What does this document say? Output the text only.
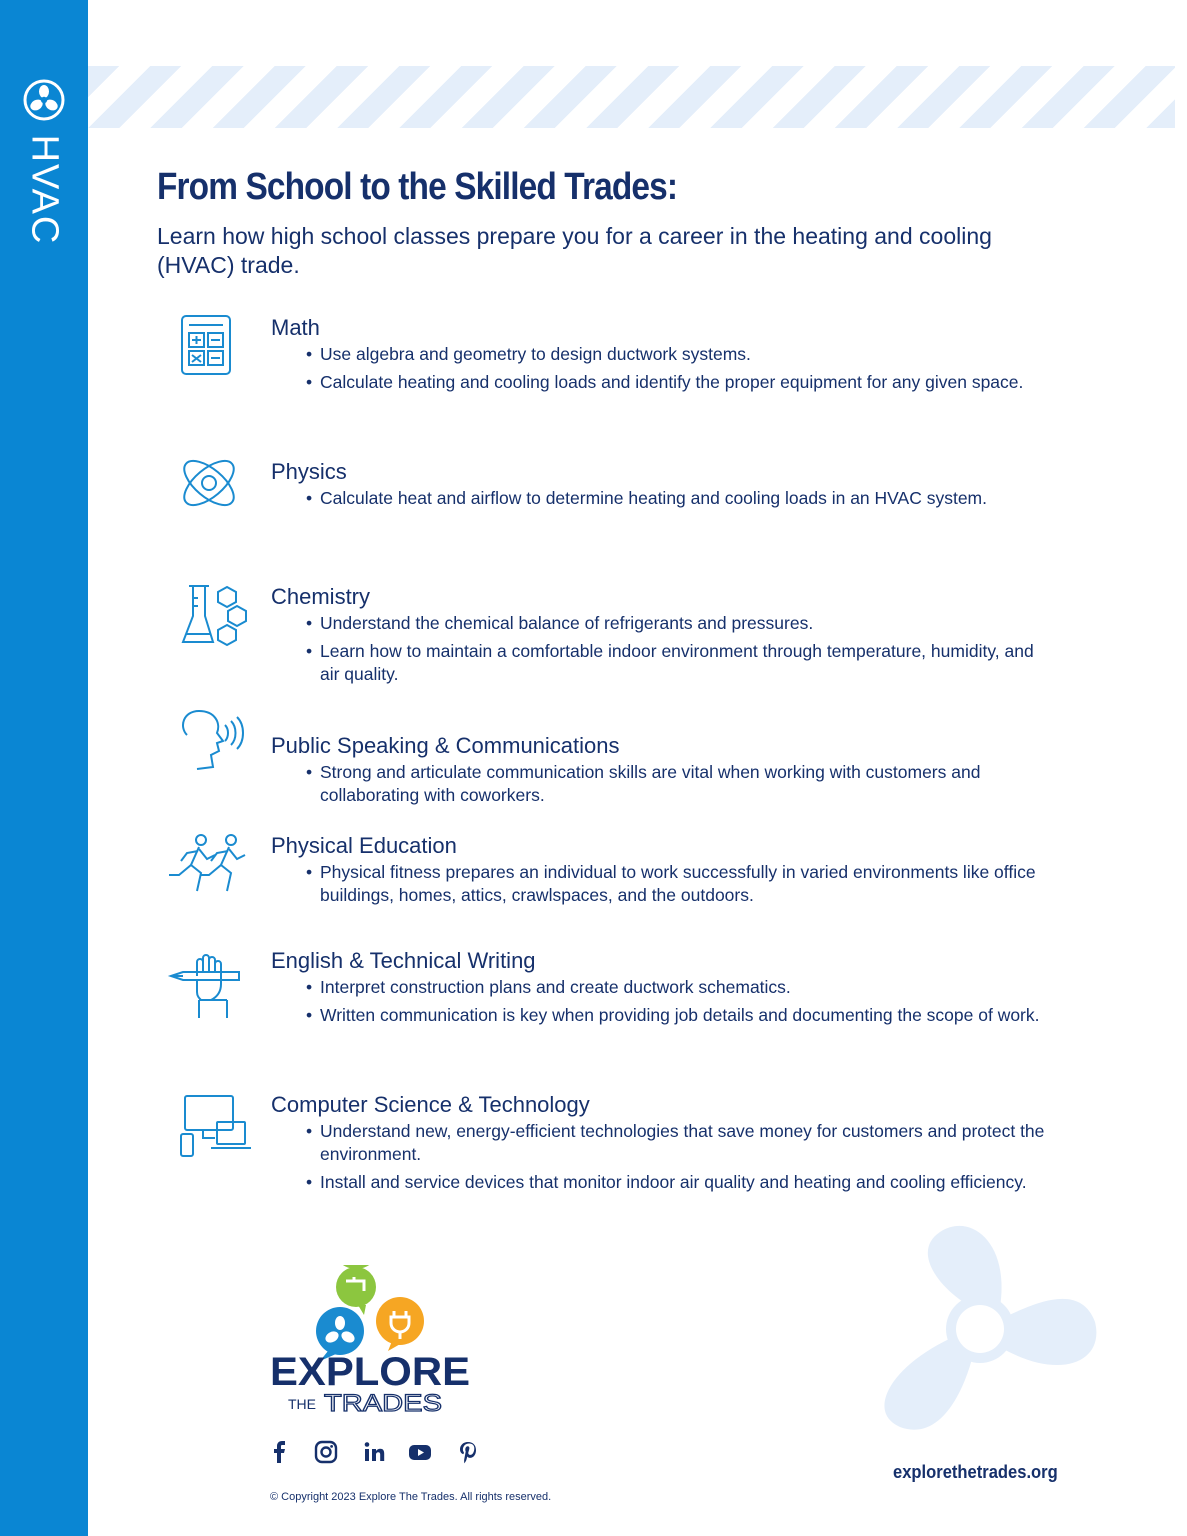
HVAC From School to the Skilled Trades:

Learn how high school classes prepare you for a career in the heating and cooling (HVAC) trade.

Math
• Use algebra and geometry to design ductwork systems.
• Calculate heating and cooling loads and identify the proper equipment for any given space.
Physics
• Calculate heat and airflow to determine heating and cooling loads in an HVAC system.
Chemistry
• Understand the chemical balance of refrigerants and pressures.
• Learn how to maintain a comfortable indoor environment through temperature, humidity, and air quality.
Public Speaking & Communications
• Strong and articulate communication skills are vital when working with customers and collaborating with coworkers.
Physical Education
• Physical fitness prepares an individual to work successfully in varied environments like office buildings, homes, attics, crawlspaces, and the outdoors.
English & Technical Writing
• Interpret construction plans and create ductwork schematics.
• Written communication is key when providing job details and documenting the scope of work.
Computer Science & Technology
• Understand new, energy-efficient technologies that save money for customers and protect the environment.
• Install and service devices that monitor indoor air quality and heating and cooling efficiency.
EXPLORE
THE TRADES

explorethetrades.org

© Copyright 2023 Explore The Trades. All rights reserved.
